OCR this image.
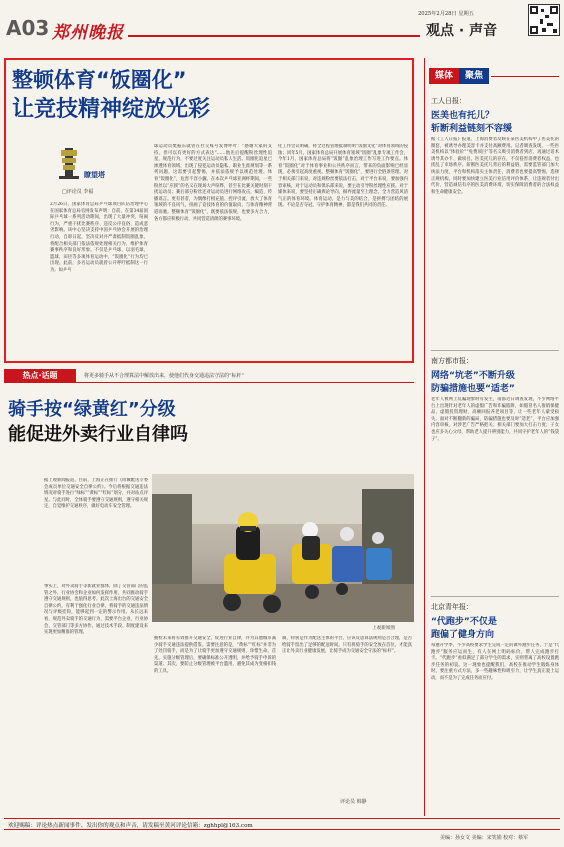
A03 郑州晚报
2025年2月28日 星期五
观点 · 声音
整顿体育“饭圈化”
让竞技精神绽放光彩
瞭望塔
□评论员 李福
2月26日，国家体育总局乒乓球项目队伍治理中心在国家体育总局官网发布声明：自前，在第34届国际乒乓球一系列活动期间，出现了大量冲突、喧闹行为，严重干扰比赛秩序、违反公序良俗、造成恶劣影响。该中心坚决支持中国乒乓协会开展的治理行动，自即日起，坚决反对并严肃抵制饭圈乱象，将配合相关部门依法依规处理相关行为，维护体育赛事秩序和良好形象。不仅是乒乓球，以羽毛球、篮球、田径等多项体育运动中，“饭圈化”行为均已出现。此前，多名运动员就曾公开呼吁抵制这一行为。如乒乓
球运动员樊振东就曾在社交账号发博呼吁：“感谢大家的支持，但可以有更好的方式表达”……他先后提醒粉丝理性追星、规范行为，不要过度关注运动员私人生活。饭圈化追星已渗透体育领域，出现了侵犯运动员隐私、职业生涯规划等一系列问题，这需要引起警惕，并依法依规予以规范处理。体育“饭圈化”，危害不容小觑。在本次乒乓球亚洲杯期间，一些粉丝以“应援”的名义在现场大声喧哗，甚至在比赛关键时刻干扰运动员；赛后部分粉丝还对运动员进行网络攻击，编造、传播谣言。更有甚者，为偶像打榜充值、控评引流，放大了体育领域的不良风气，扭曲了竞技体育的价值取向，与体育精神背道而驰。整顿体育“饭圈化”，既要依法依规，也要多方合力，各方都应积极行动，共同营造清朗的赛事环境。
化工作会议明确，将全过程管理抵制明明“饭圈文化”对体育领域的侵蚀；同年5月，国家体育总局开展体育领域“饭圈”乱象专项工作会，今年1月，国家体育总局将“饭圈”乱象治理工作写进工作要点。体育“饭圈化”对于体育事业和公共秩序而言，带来的负面影响已经显现，必须引起高度重视。整顿体育“饭圈化”，要进行全链条管理。对于相关部门来说，对违规粉丝要依法打击，对于平台来说，要加强内容审核，对于运动员和俱乐部来说，要主动引导粉丝理性应援。对于媒体来说，要坚持正确舆论导向，摒弃流量至上理念，全力营造风清气正的体育环境。体育运动，是力与美的结合，是拼搏与团结的展现。不论是否夺冠，守护体育精神，都是我们共同的责任。
热点·话题	将更多骑手从不合理算法中解放出来，使他们代身交通违法守法的“标杆”
骑手按“绿黄红”分级
能促进外卖行业自律吗
据上观新闻报道，目前，上海正在推行《同城配送专委会成员单位交通安全自律公约》。今后将根据交通违法情况对骑手进行“绿标”“黄标”“红标”划分，并对站点评星。与此同时，全体骑手要遵守交通规则，遵守相关规定，自觉维护交通秩序，做好电动车安全管理。
上观新闻图
事实上，对外卖骑手等新就业群体，除了交管部门的监管之外，行业协会和企业如何发挥作用、共同推动骑手遵守交通规则，也值得思考。此次上海出台的交通安全自律公约，有利于强化行业自律，将骑手的交通违法情况与评级挂钩，能够起到一定的警示作用。从长远来看，规范外卖骑手的交通行为，需要平台企业、行业协会、交管部门等多方协作，通过技术手段、制度建设来实现更加精准的管理。
抽检未来将有效推升交通安全，促进行业自律，并为其他城市减少骑手交通违法提供借鉴。需要注意的是，“黄标”“红标”并非为了处罚骑手，而是为了让骑手更加遵守交通规则，珍惜生命。首先，实施分级管理后，要确保标准公开透明，并给予骑手申诉的渠道；其次，要防止分级管理被平台滥用，避免其成为变相扣钱的工具。
制，特别是作为配送主体的平台，应该反思算法规则是否合理，是否给骑手留出了足够的配送时间。只有将骑手的安全放在首位，才能真正让外卖行业健康发展，让骑手成为交通安全守法的“标杆”。
评论员 韩静
媒体	聚焦
工人日报：
医美也有托儿？
斩断利益链刻不容缓
据《工人日报》报道，上海消费者反映在某医美机构中了医美托的圈套，被诱导办理美容卡并支付高额费用。记者调查发现，一些医美机构以“体验价”“免费项目”等名义吸引消费者到店，再通过话术诱导其办卡、做项目。医美托儿的存在，不仅侵害消费者权益，也扰乱了市场秩序。斩断医美托儿背后的利益链，需要监管部门加大执法力度，平台和机构落实主体责任，消费者也要提高警惕，选择正规机构。同时要加快建立医美行业信用评价体系，让违规者付出代价，营造诚信有序的医美消费环境，切实保障消费者的合法权益和生命健康安全。
南方都市报：
网络“坑老”不断升级
防骗措施也要“适老”
老年人被网上坑骗现象时有发生，南都近日调查发现，不少网络平台上出现针对老年人的虚假广告和诈骗陷阱，如假冒名人推销保健品、虚假投资理财、高额回报养老项目等，让一些老年人蒙受损失。面对不断翻新的骗局，防骗措施也要及时“适老”，平台应加强内容审核，对涉老广告严格把关；相关部门要加大打击力度；子女也应多关心父母，帮助老人提升辨别能力，共同守护老年人的“钱袋子”。
北京青年报：
“代跑步”不仅是
跑偏了健身方向
每逢开学季，不少高校要求学生完成一定的课外跑步任务，于是“代跑步”服务应运而生，有人在网上明码标价，帮人完成跑步打卡。“代跑步”看似满足了部分学生的需求，实则背离了高校设置跑步任务的初衷。这一现象也提醒我们，高校在推动学生锻炼身体时，要注重方式方法，多一些趣味性和吸引力，让学生真正爱上运动，而不是为了完成任务而应付。
欢迎赐稿：评论热点新闻事件、发出你的观点和声音，请发稿至黄河评论信箱：zghhpl@163.com
美编：孙女文 美编：宋笑娟 校对：蔡军
